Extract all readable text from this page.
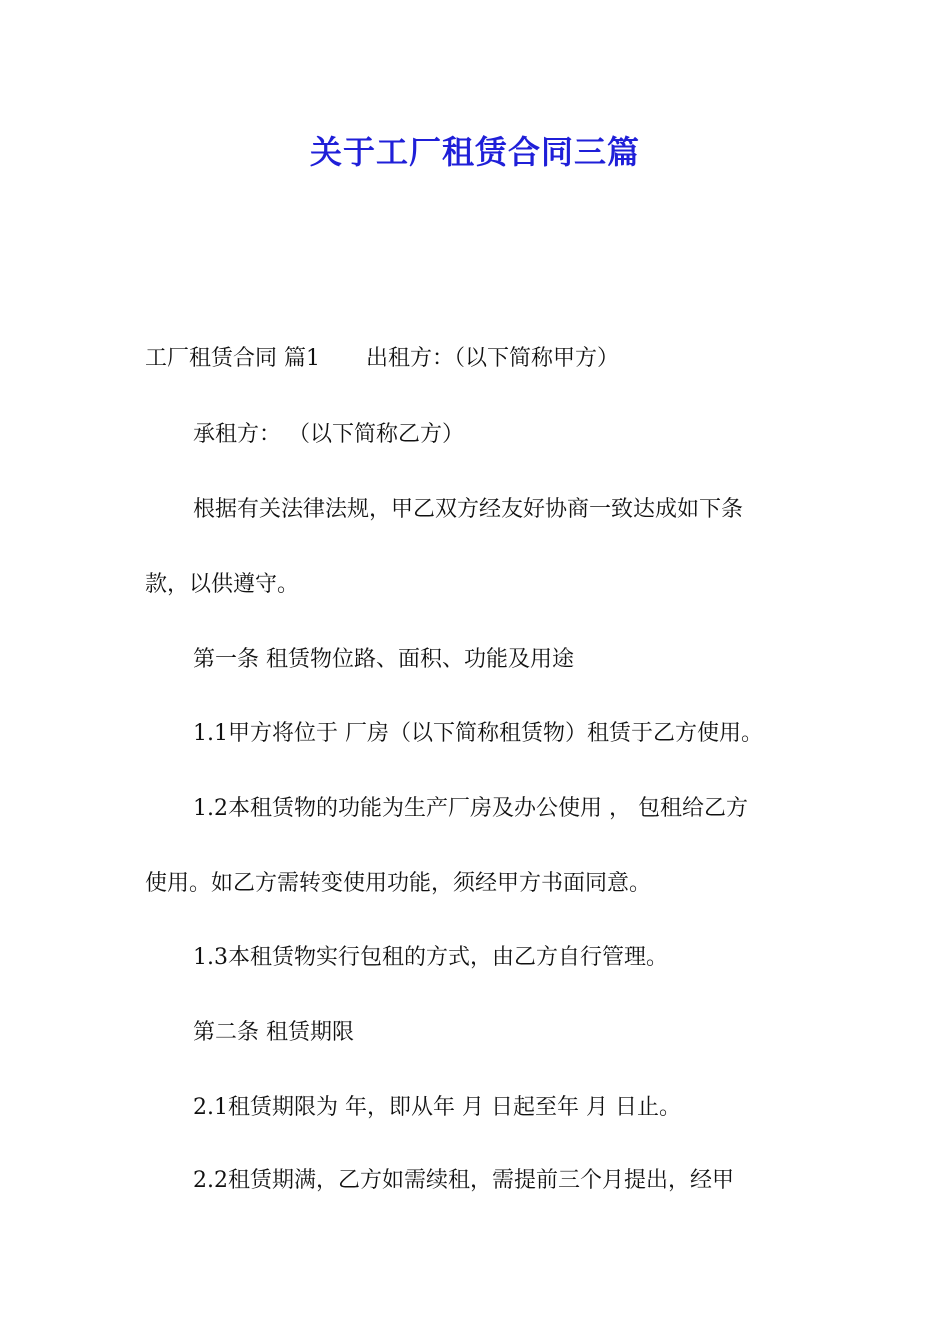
关于工厂租赁合同三篇

工厂租赁合同 篇1 出租方：（以下简称甲方）

承租方： （以下简称乙方）

根据有关法律法规，甲乙双方经友好协商一致达成如下条

款，以供遵守。

第一条 租赁物位路、面积、功能及用途

1.1甲方将位于 厂房（以下简称租赁物）租赁于乙方使用。

1.2本租赁物的功能为生产厂房及办公使用 ， 包租给乙方

使用。如乙方需转变使用功能，须经甲方书面同意。

1.3本租赁物实行包租的方式，由乙方自行管理。

第二条 租赁期限

2.1租赁期限为 年，即从年 月 日起至年 月 日止。

2.2租赁期满，乙方如需续租，需提前三个月提出，经甲
